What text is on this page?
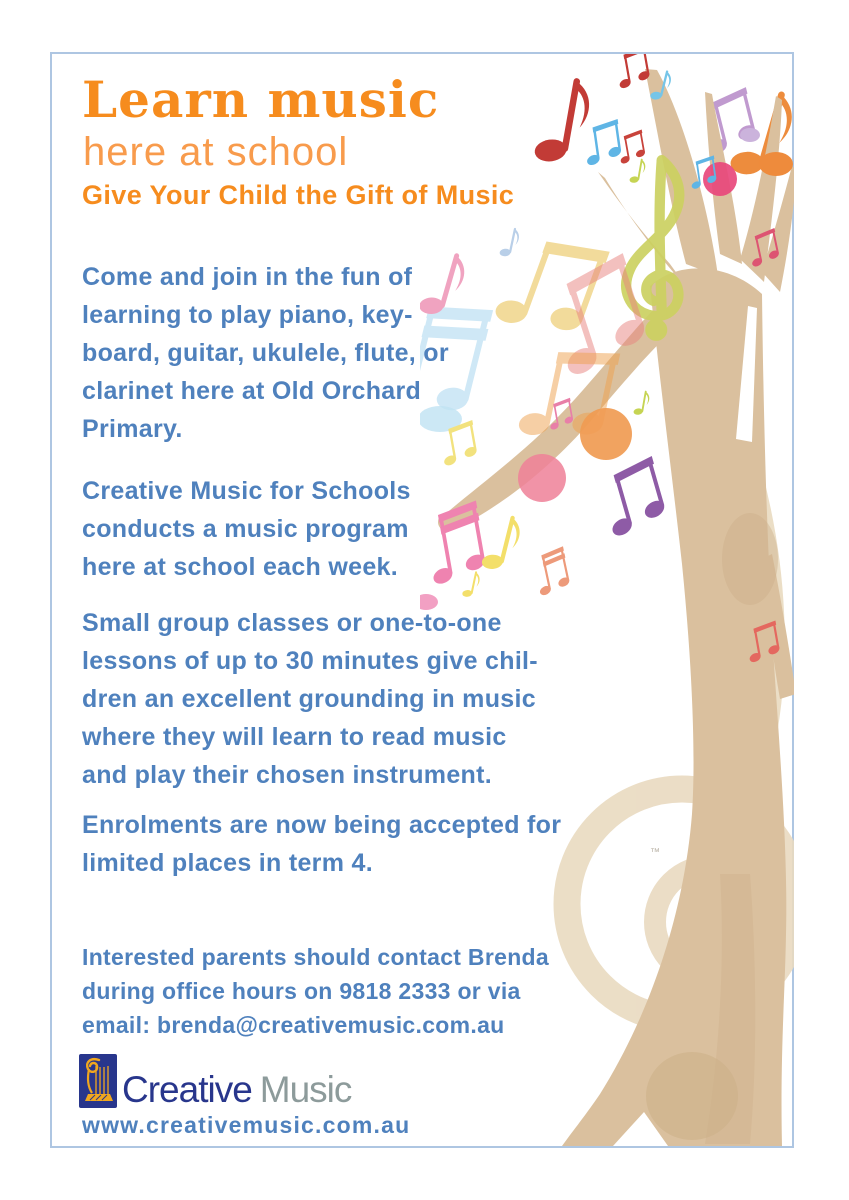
™
Learn music
here at school
Give Your Child the Gift of Music
Come and join in the fun of
learning to play piano, key-
board, guitar, ukulele, flute, or
clarinet here at Old Orchard
Primary.
Creative Music for Schools
conducts a music program
here at school each week.
Small group classes or one-to-one
lessons of up to 30 minutes give chil-
dren an excellent grounding in music
where they will learn to read music
and play their chosen instrument.
Enrolments are now being accepted for
limited places in term 4.
Interested parents should contact Brenda
during office hours on 9818 2333 or via
email: brenda@creativemusic.com.au
Creative Music
www.creativemusic.com.au
